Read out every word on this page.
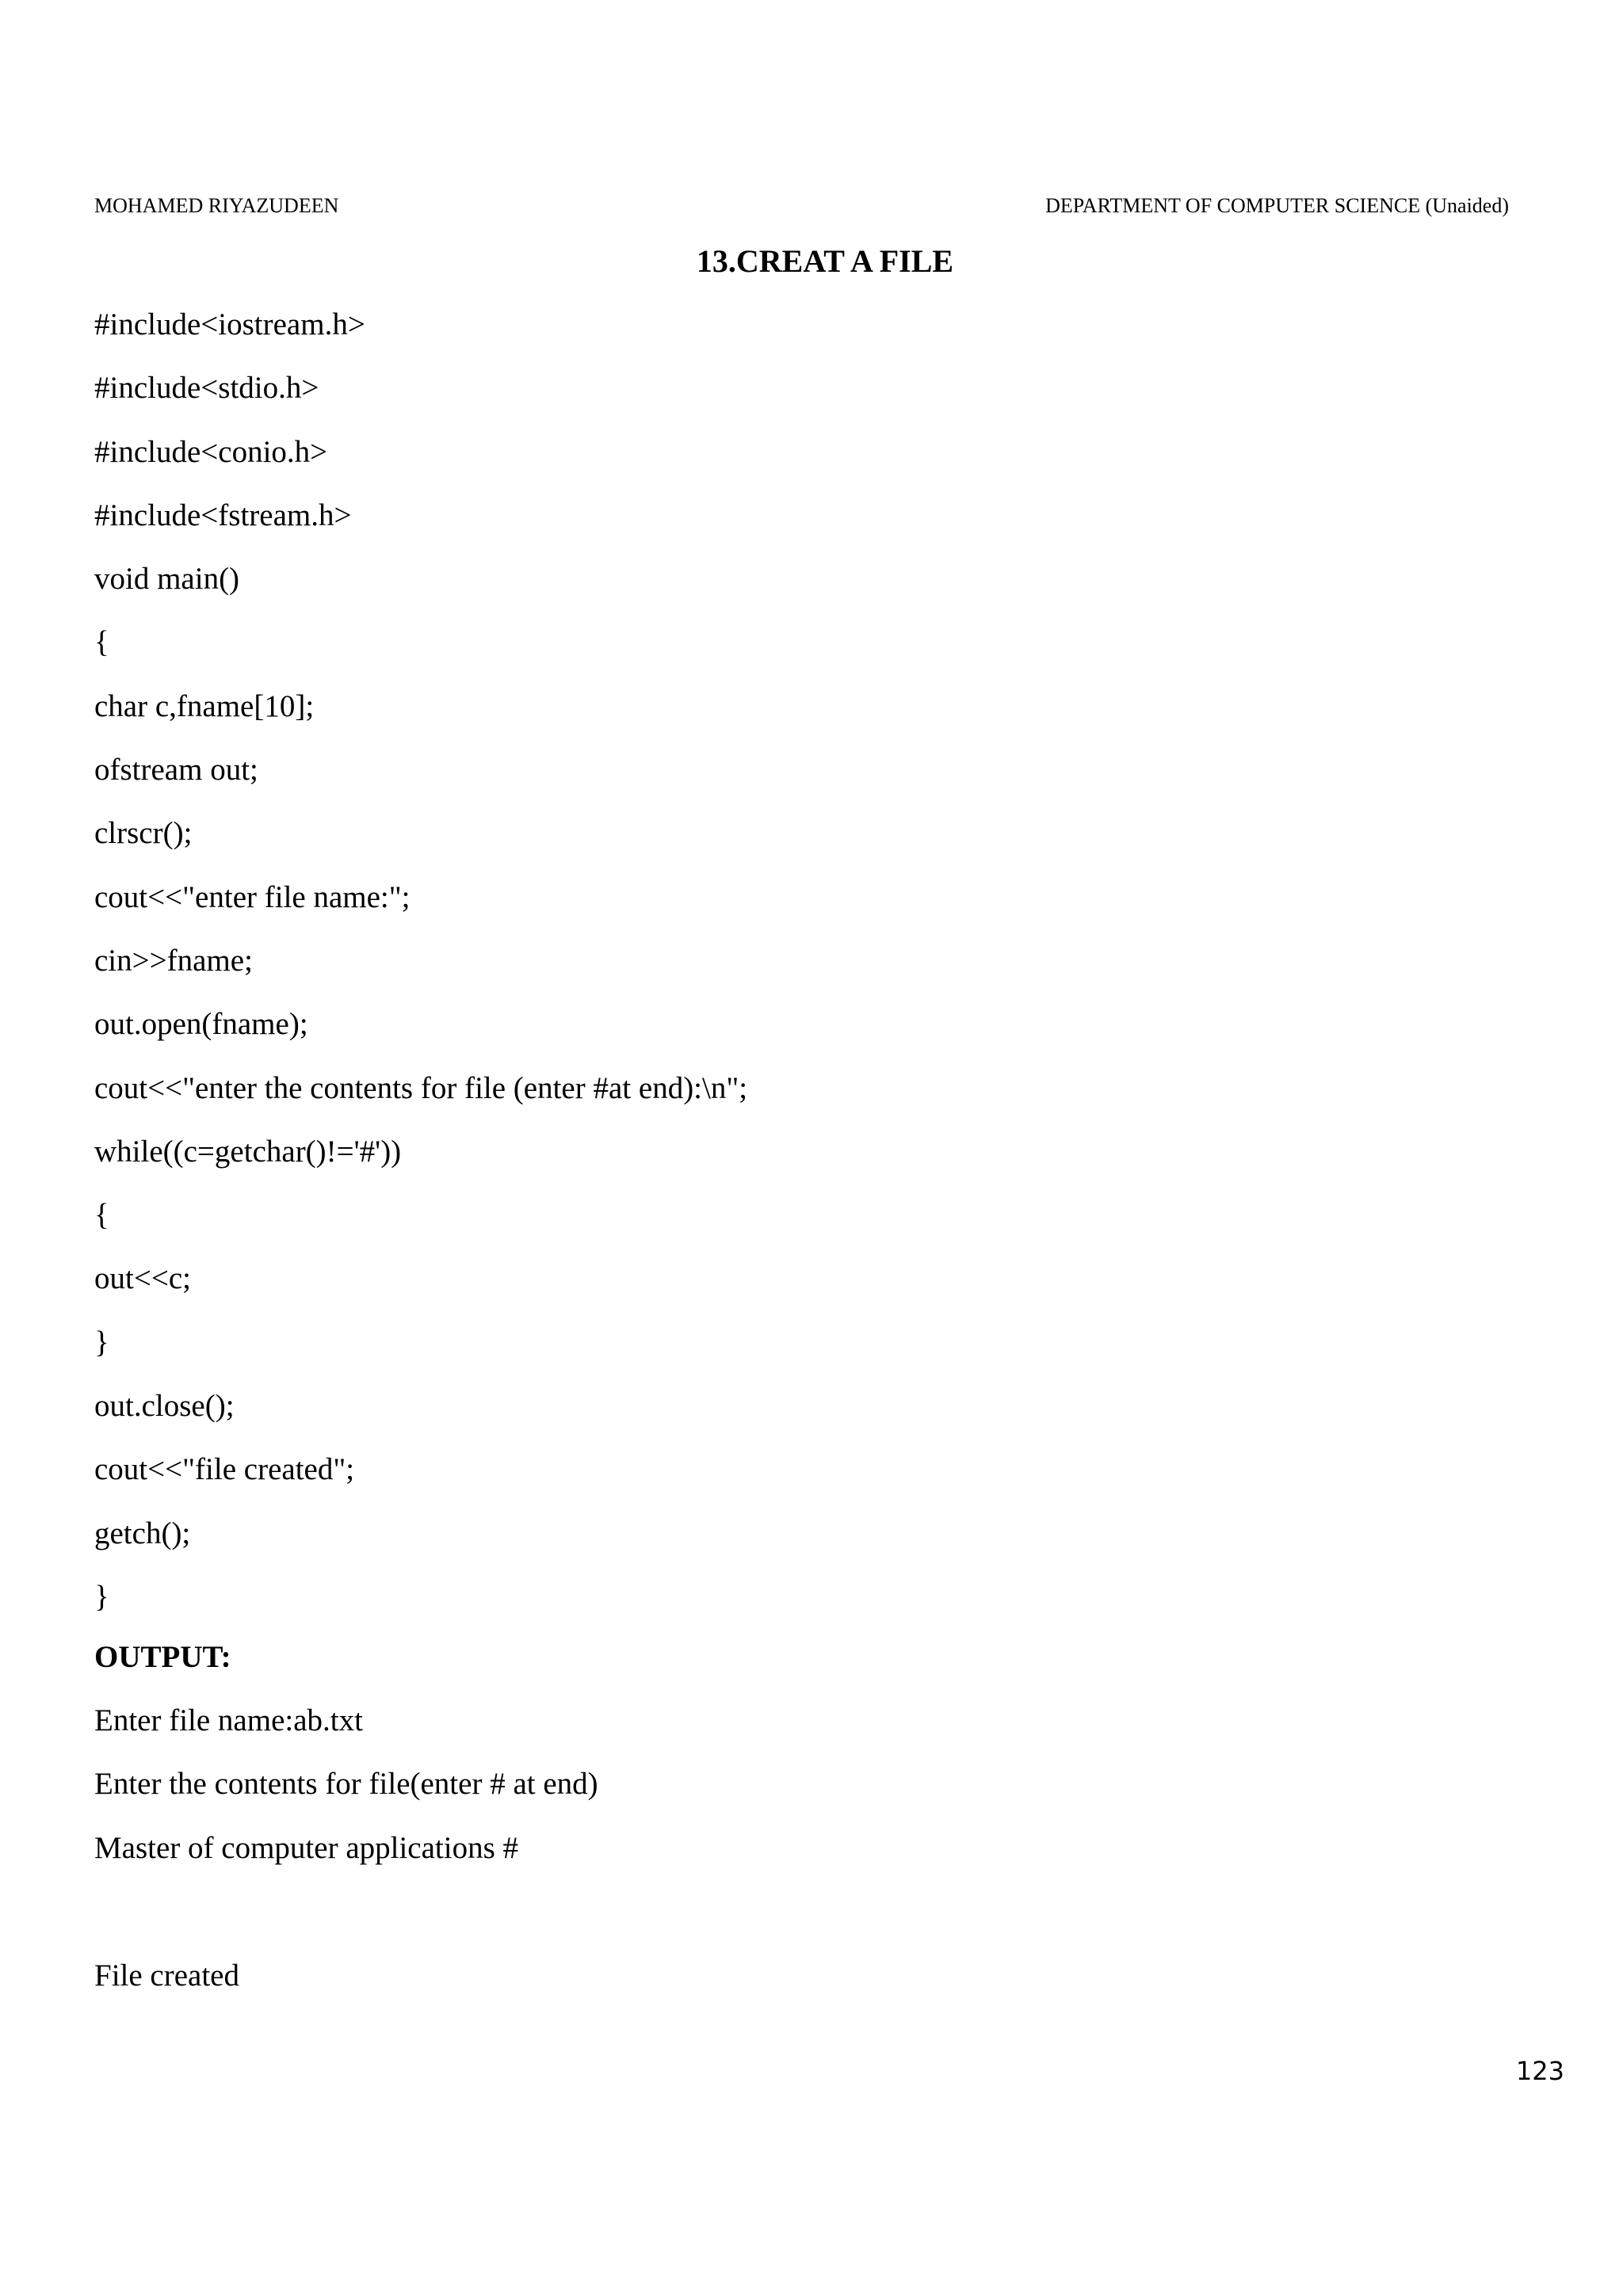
MOHAMED RIYAZUDEEN	DEPARTMENT OF COMPUTER SCIENCE (Unaided)
13.CREAT A FILE
#include<iostream.h>
#include<stdio.h>
#include<conio.h>
#include<fstream.h>
void main()
{
char c,fname[10];
ofstream out;
clrscr();
cout<<"enter file name:";
cin>>fname;
out.open(fname);
cout<<"enter the contents for file (enter #at end):\n";
while((c=getchar()!='#'))
{
out<<c;
}
out.close();
cout<<"file created";
getch();
}
OUTPUT:
Enter file name:ab.txt
Enter the contents for file(enter # at end)
Master of computer applications #
File created
123
